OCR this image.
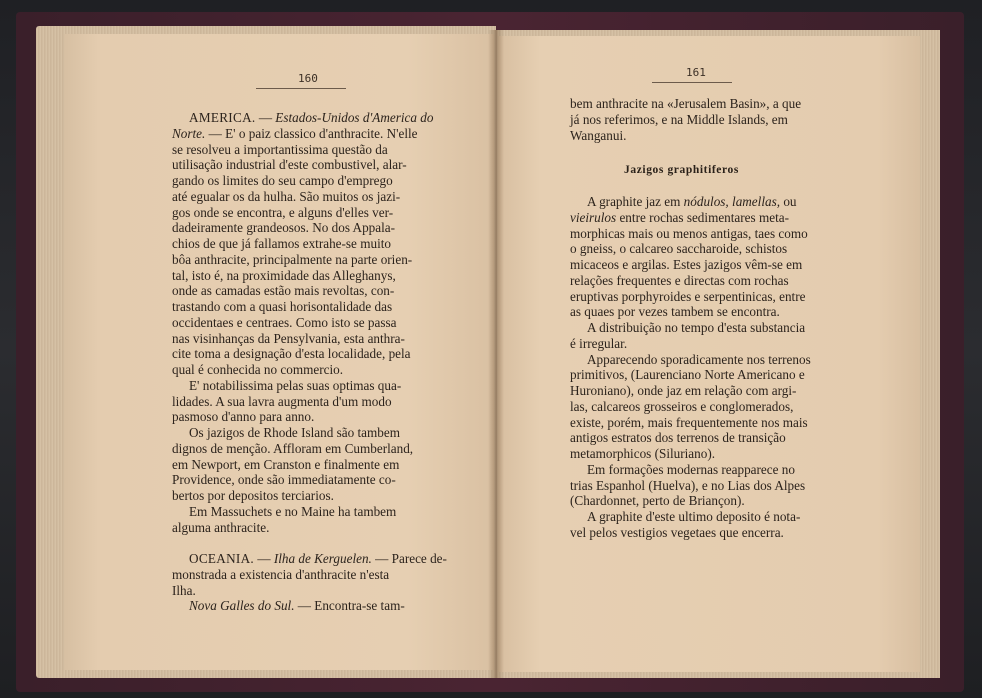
160
AMERICA. — Estados-Unidos d'America do
Norte. — E' o paiz classico d'anthracite. N'elle
se resolveu a importantissima questão da
utilisação industrial d'este combustivel, alar-
gando os limites do seu campo d'emprego
até egualar os da hulha. São muitos os jazi-
gos onde se encontra, e alguns d'elles ver-
dadeiramente grandeosos. No dos Appala-
chios de que já fallamos extrahe-se muito
bôa anthracite, principalmente na parte orien-
tal, isto é, na proximidade das Alleghanys,
onde as camadas estão mais revoltas, con-
trastando com a quasi horisontalidade das
occidentaes e centraes. Como isto se passa
nas visinhanças da Pensylvania, esta anthra-
cite toma a designação d'esta localidade, pela
qual é conhecida no commercio.
E' notabilissima pelas suas optimas qua-
lidades. A sua lavra augmenta d'um modo
pasmoso d'anno para anno.
Os jazigos de Rhode Island são tambem
dignos de menção. Affloram em Cumberland,
em Newport, em Cranston e finalmente em
Providence, onde são immediatamente co-
bertos por depositos terciarios.
Em Massuchets e no Maine ha tambem
alguma anthracite.

OCEANIA. — Ilha de Kerguelen. — Parece de-
monstrada a existencia d'anthracite n'esta
Ilha.
Nova Galles do Sul. — Encontra-se tam-
161
bem anthracite na «Jerusalem Basin», a que
já nos referimos, e na Middle Islands, em
Wanganui.
Jazigos graphitiferos
A graphite jaz em nódulos, lamellas, ou
vieirulos entre rochas sedimentares meta-
morphicas mais ou menos antigas, taes como
o gneiss, o calcareo saccharoide, schistos
micaceos e argilas. Estes jazigos vêm-se em
relações frequentes e directas com rochas
eruptivas porphyroides e serpentinicas, entre
as quaes por vezes tambem se encontra.
A distribuição no tempo d'esta substancia
é irregular.
Apparecendo sporadicamente nos terrenos
primitivos, (Laurenciano Norte Americano e
Huroniano), onde jaz em relação com argi-
las, calcareos grosseiros e conglomerados,
existe, porém, mais frequentemente nos mais
antigos estratos dos terrenos de transição
metamorphicos (Siluriano).
Em formações modernas reapparece no
trias Espanhol (Huelva), e no Lias dos Alpes
(Chardonnet, perto de Briançon).
A graphite d'este ultimo deposito é nota-
vel pelos vestigios vegetaes que encerra.
